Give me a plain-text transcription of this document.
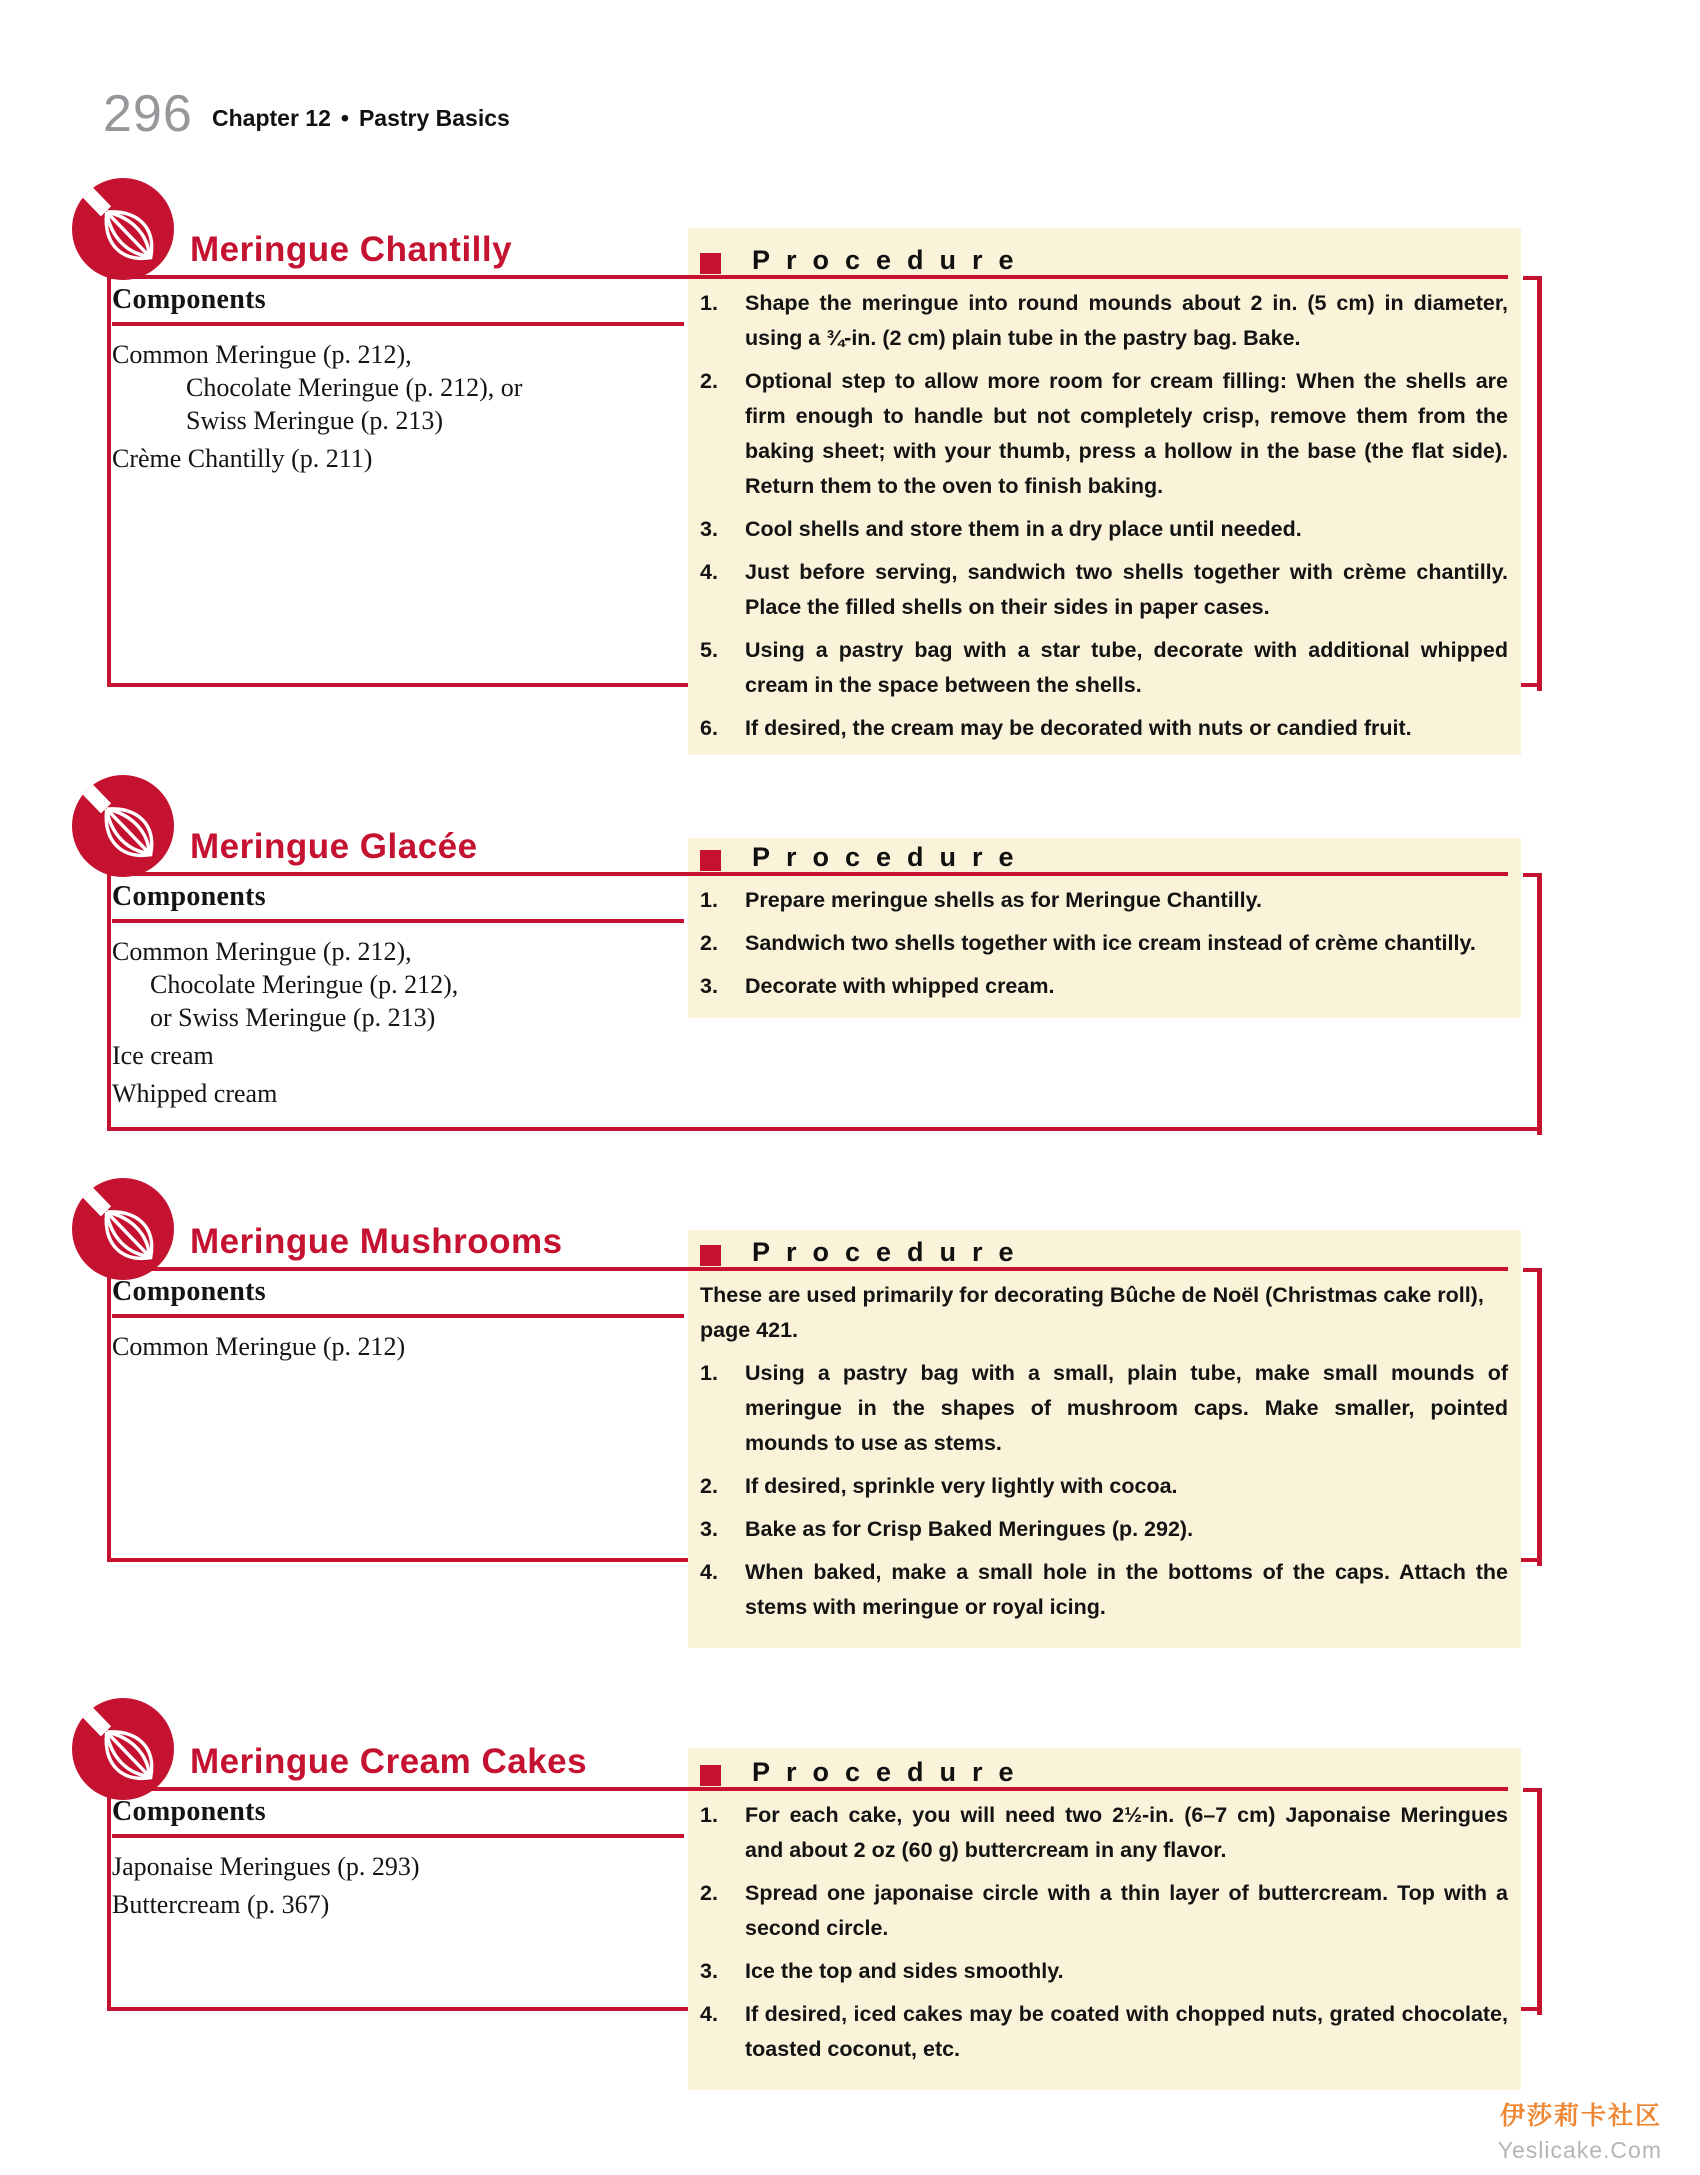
296 Chapter 12 • Pastry Basics
Meringue Chantilly	Procedure
Components
Common Meringue (p. 212),
Chocolate Meringue (p. 212), or
Swiss Meringue (p. 213)
Crème Chantilly (p. 211)
1.	Shape the meringue into round mounds about 2 in. (5 cm) in diameter, using a ¾-in. (2 cm) plain tube in the pastry bag. Bake.
2.	Optional step to allow more room for cream filling: When the shells are firm enough to handle but not completely crisp, remove them from the baking sheet; with your thumb, press a hollow in the base (the flat side). Return them to the oven to finish baking.
3.	Cool shells and store them in a dry place until needed.
4.	Just before serving, sandwich two shells together with crème chantilly. Place the filled shells on their sides in paper cases.
5.	Using a pastry bag with a star tube, decorate with additional whipped cream in the space between the shells.
6.	If desired, the cream may be decorated with nuts or candied fruit.
Meringue Glacée	Procedure
Components
Common Meringue (p. 212),
Chocolate Meringue (p. 212),
or Swiss Meringue (p. 213)
Ice cream
Whipped cream
1.	Prepare meringue shells as for Meringue Chantilly.
2.	Sandwich two shells together with ice cream instead of crème chantilly.
3.	Decorate with whipped cream.
Meringue Mushrooms	Procedure
Components
Common Meringue (p. 212)
These are used primarily for decorating Bûche de Noël (Christmas cake roll), page 421.
1.	Using a pastry bag with a small, plain tube, make small mounds of meringue in the shapes of mushroom caps. Make smaller, pointed mounds to use as stems.
2.	If desired, sprinkle very lightly with cocoa.
3.	Bake as for Crisp Baked Meringues (p. 292).
4.	When baked, make a small hole in the bottoms of the caps. Attach the stems with meringue or royal icing.
Meringue Cream Cakes	Procedure
Components
Japonaise Meringues (p. 293)
Buttercream (p. 367)
1.	For each cake, you will need two 2½-in. (6–7 cm) Japonaise Meringues and about 2 oz (60 g) buttercream in any flavor.
2.	Spread one japonaise circle with a thin layer of buttercream. Top with a second circle.
3.	Ice the top and sides smoothly.
4.	If desired, iced cakes may be coated with chopped nuts, grated chocolate, toasted coconut, etc.
伊莎莉卡社区
Yeslicake.Com
